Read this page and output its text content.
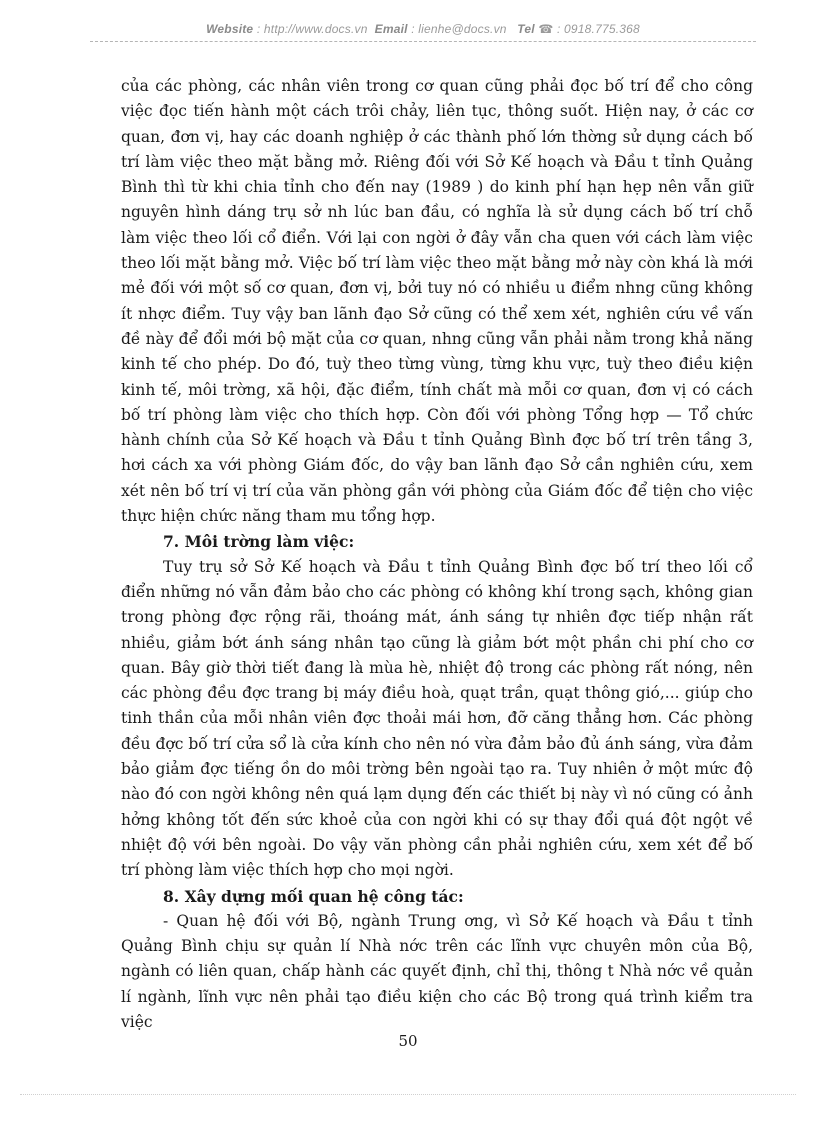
Website : http://www.docs.vn Email : lienhe@docs.vn Tel ☎ : 0918.775.368

của các phòng, các nhân viên trong cơ quan cũng phải đọc bố trí để cho công việc đọc tiến hành một cách trôi chảy, liên tục, thông suốt. Hiện nay, ở các cơ quan, đơn vị, hay các doanh nghiệp ở các thành phố lớn thờng sử dụng cách bố trí làm việc theo mặt bằng mở. Riêng đối với Sở Kế hoạch và Đầu t tỉnh Quảng Bình thì từ khi chia tỉnh cho đến nay (1989 ) do kinh phí hạn hẹp nên vẫn giữ nguyên hình dáng trụ sở nh lúc ban đầu, có nghĩa là sử dụng cách bố trí chỗ làm việc theo lối cổ điển. Với lại con ngời ở đây vẫn cha quen với cách làm việc theo lối mặt bằng mở. Việc bố trí làm việc theo mặt bằng mở này còn khá là mới mẻ đối với một số cơ quan, đơn vị, bởi tuy nó có nhiều u điểm nhng cũng không ít nhợc điểm. Tuy vậy ban lãnh đạo Sở cũng có thể xem xét, nghiên cứu về vấn đề này để đổi mới bộ mặt của cơ quan, nhng cũng vẫn phải nằm trong khả năng kinh tế cho phép. Do đó, tuỳ theo từng vùng, từng khu vực, tuỳ theo điều kiện kinh tế, môi trờng, xã hội, đặc điểm, tính chất mà mỗi cơ quan, đơn vị có cách bố trí phòng làm việc cho thích hợp. Còn đối với phòng Tổng hợp — Tổ chức hành chính của Sở Kế hoạch và Đầu t tỉnh Quảng Bình đợc bố trí trên tầng 3, hơi cách xa với phòng Giám đốc, do vậy ban lãnh đạo Sở cần nghiên cứu, xem xét nên bố trí vị trí của văn phòng gần với phòng của Giám đốc để tiện cho việc thực hiện chức năng tham mu tổng hợp.

7. Môi trờng làm việc:

Tuy trụ sở Sở Kế hoạch và Đầu t tỉnh Quảng Bình đợc bố trí theo lối cổ điển những nó vẫn đảm bảo cho các phòng có không khí trong sạch, không gian trong phòng đợc rộng rãi, thoáng mát, ánh sáng tự nhiên đợc tiếp nhận rất nhiều, giảm bớt ánh sáng nhân tạo cũng là giảm bớt một phần chi phí cho cơ quan. Bây giờ thời tiết đang là mùa hè, nhiệt độ trong các phòng rất nóng, nên các phòng đều đợc trang bị máy điều hoà, quạt trần, quạt thông gió,... giúp cho tinh thần của mỗi nhân viên đợc thoải mái hơn, đỡ căng thẳng hơn. Các phòng đều đợc bố trí cửa sổ là cửa kính cho nên nó vừa đảm bảo đủ ánh sáng, vừa đảm bảo giảm đợc tiếng ồn do môi trờng bên ngoài tạo ra. Tuy nhiên ở một mức độ nào đó con ngời không nên quá lạm dụng đến các thiết bị này vì nó cũng có ảnh hởng không tốt đến sức khoẻ của con ngời khi có sự thay đổi quá đột ngột về nhiệt độ với bên ngoài. Do vậy văn phòng cần phải nghiên cứu, xem xét để bố trí phòng làm việc thích hợp cho mọi ngời.

8. Xây dựng mối quan hệ công tác:

- Quan hệ đối với Bộ, ngành Trung ơng, vì Sở Kế hoạch và Đầu t tỉnh Quảng Bình chịu sự quản lí Nhà nớc trên các lĩnh vực chuyên môn của Bộ, ngành có liên quan, chấp hành các quyết định, chỉ thị, thông t Nhà nớc về quản lí ngành, lĩnh vực nên phải tạo điều kiện cho các Bộ trong quá trình kiểm tra việc

50
